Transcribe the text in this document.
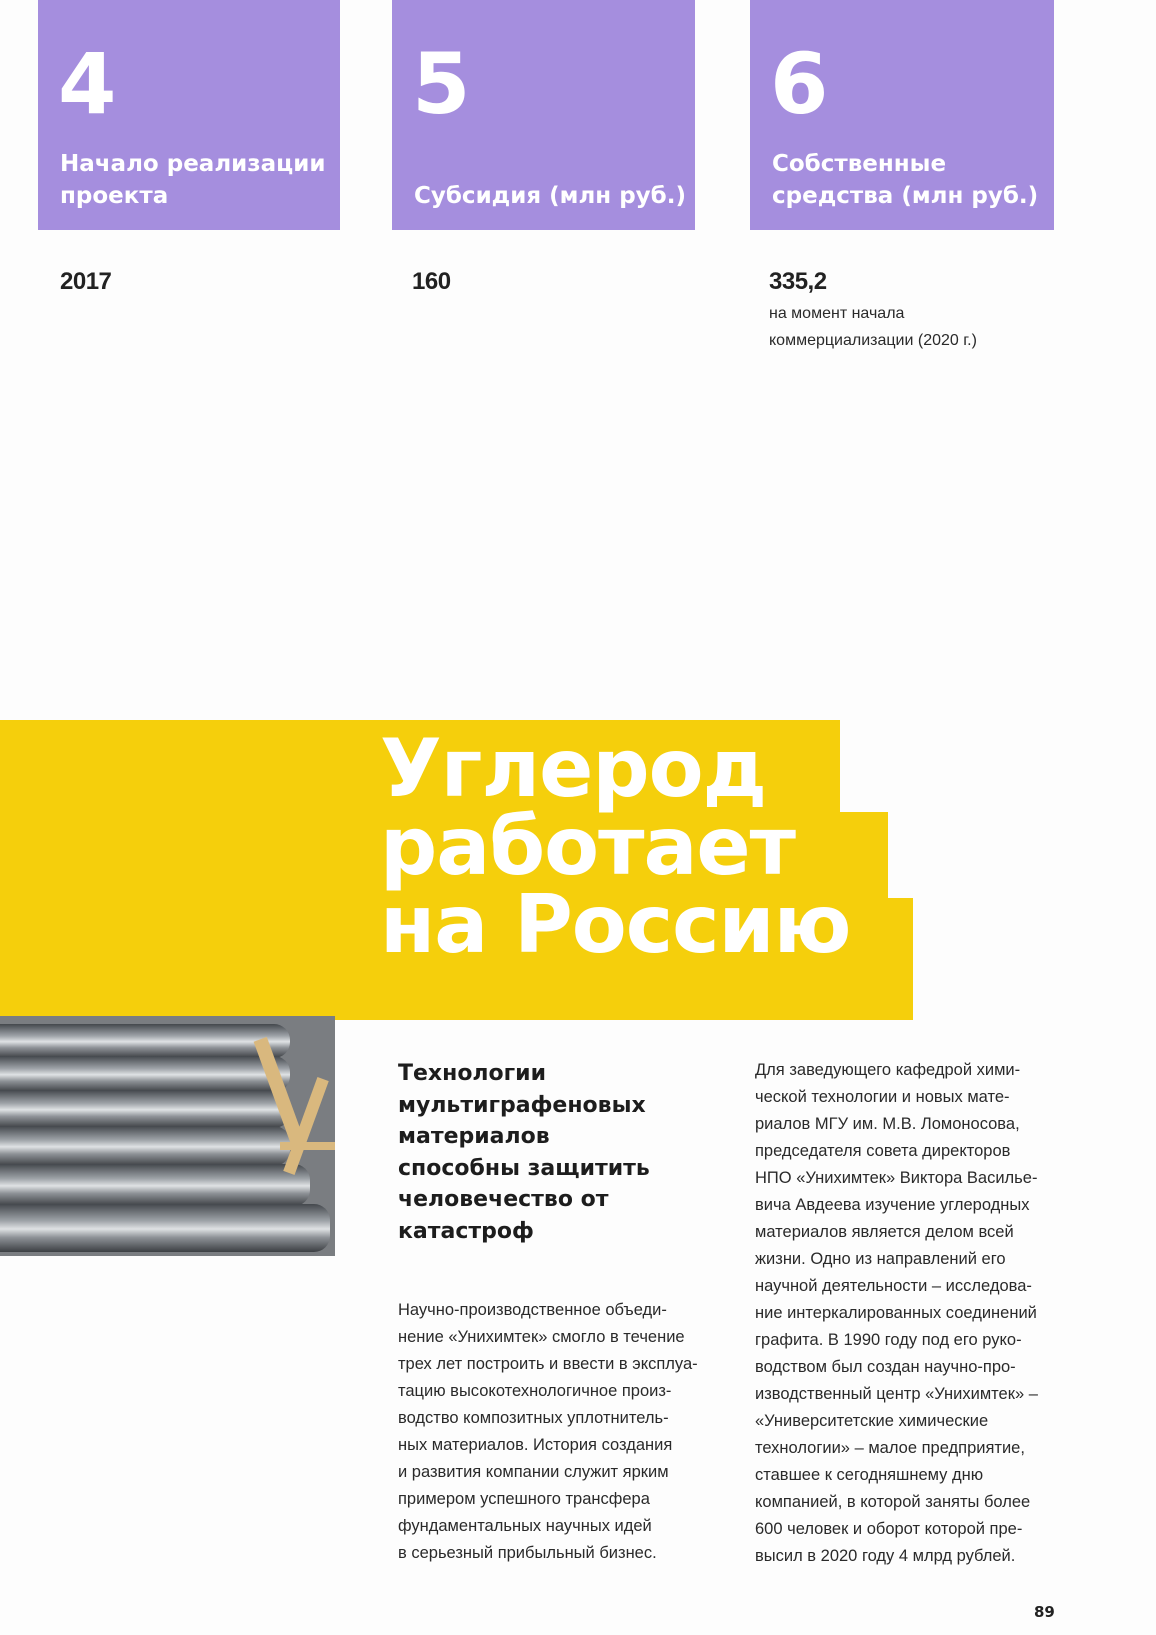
4
Начало реализации
проекта
2017
5
Субсидия (млн руб.)
160
6
Собственные
средства (млн руб.)
335,2
на момент начала
коммерциализации (2020 г.)
Углерод
работает
на Россию
Технологии
мультиграфеновых
материалов
способны защитить
человечество от
катастроф
Научно-производственное объеди-
нение «Унихимтек» смогло в течение
трех лет построить и ввести в эксплуа-
тацию высокотехнологичное произ-
водство композитных уплотнитель-
ных материалов. История создания
и развития компании служит ярким
примером успешного трансфера
фундаментальных научных идей
в серьезный прибыльный бизнес.
Для заведующего кафедрой хими-
ческой технологии и новых мате-
риалов МГУ им. М.В. Ломоносова,
председателя совета директоров
НПО «Унихимтек» Виктора Василье-
вича Авдеева изучение углеродных
материалов является делом всей
жизни. Одно из направлений его
научной деятельности – исследова-
ние интеркалированных соединений
графита. В 1990 году под его руко-
водством был создан научно-про-
изводственный центр «Унихимтек» –
«Университетские химические
технологии» – малое предприятие,
ставшее к сегодняшнему дню
компанией, в которой заняты более
600 человек и оборот которой пре-
высил в 2020 году 4 млрд рублей.
89
